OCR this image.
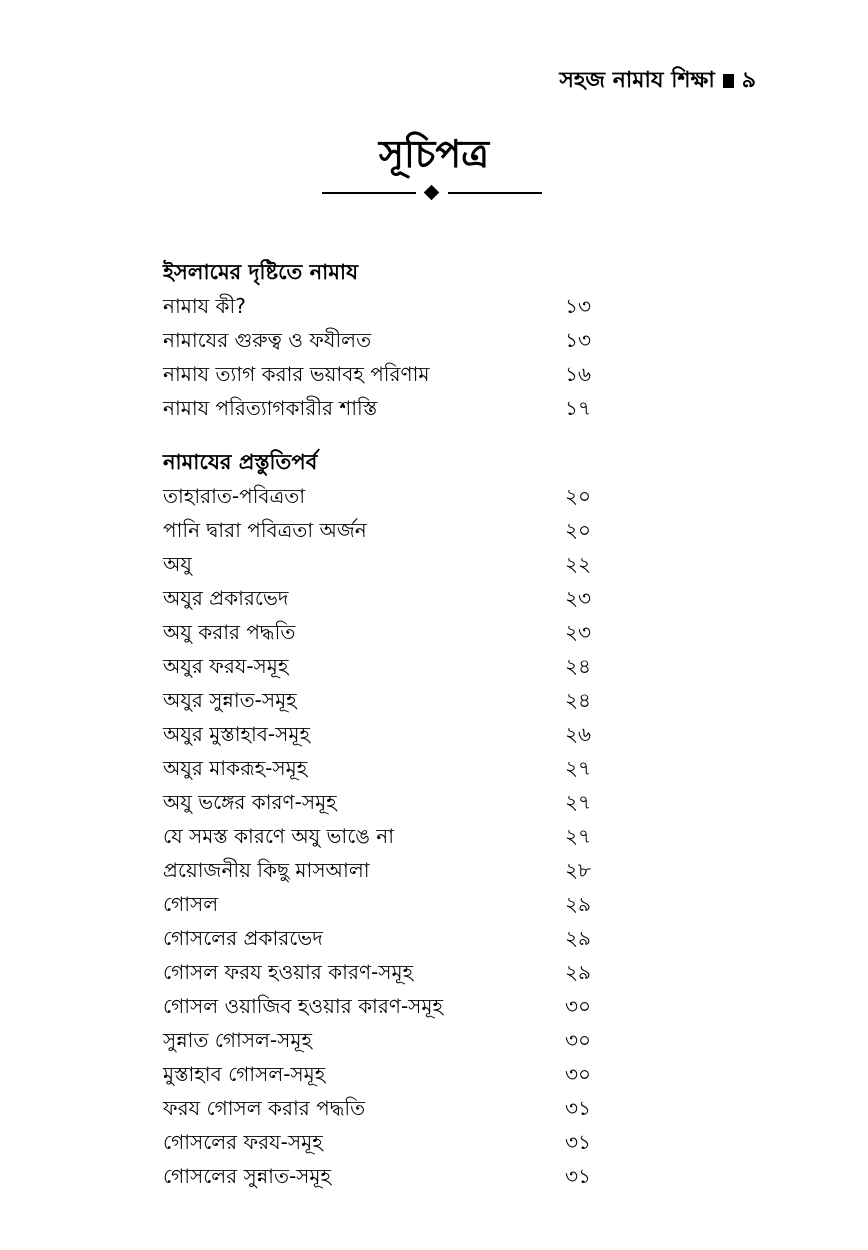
সহজ নামায শিক্ষা ৯
সূচিপত্র
ইসলামের দৃষ্টিতে নামায
নামায কী?	১৩
নামাযের গুরুত্ব ও ফযীলত	১৩
নামায ত্যাগ করার ভয়াবহ পরিণাম	১৬
নামায পরিত্যাগকারীর শাস্তি	১৭
নামাযের প্রস্তুতিপর্ব
তাহারাত-পবিত্রতা	২০
পানি দ্বারা পবিত্রতা অর্জন	২০
অযু	২২
অযুর প্রকারভেদ	২৩
অযু করার পদ্ধতি	২৩
অযুর ফরয-সমূহ	২৪
অযুর সুন্নাত-সমূহ	২৪
অযুর মুস্তাহাব-সমূহ	২৬
অযুর মাকরূহ-সমূহ	২৭
অযু ভঙ্গের কারণ-সমূহ	২৭
যে সমস্ত কারণে অযু ভাঙে না	২৭
প্রয়োজনীয় কিছু মাসআলা	২৮
গোসল	২৯
গোসলের প্রকারভেদ	২৯
গোসল ফরয হওয়ার কারণ-সমূহ	২৯
গোসল ওয়াজিব হওয়ার কারণ-সমূহ	৩০
সুন্নাত গোসল-সমূহ	৩০
মুস্তাহাব গোসল-সমূহ	৩০
ফরয গোসল করার পদ্ধতি	৩১
গোসলের ফরয-সমূহ	৩১
গোসলের সুন্নাত-সমূহ	৩১
